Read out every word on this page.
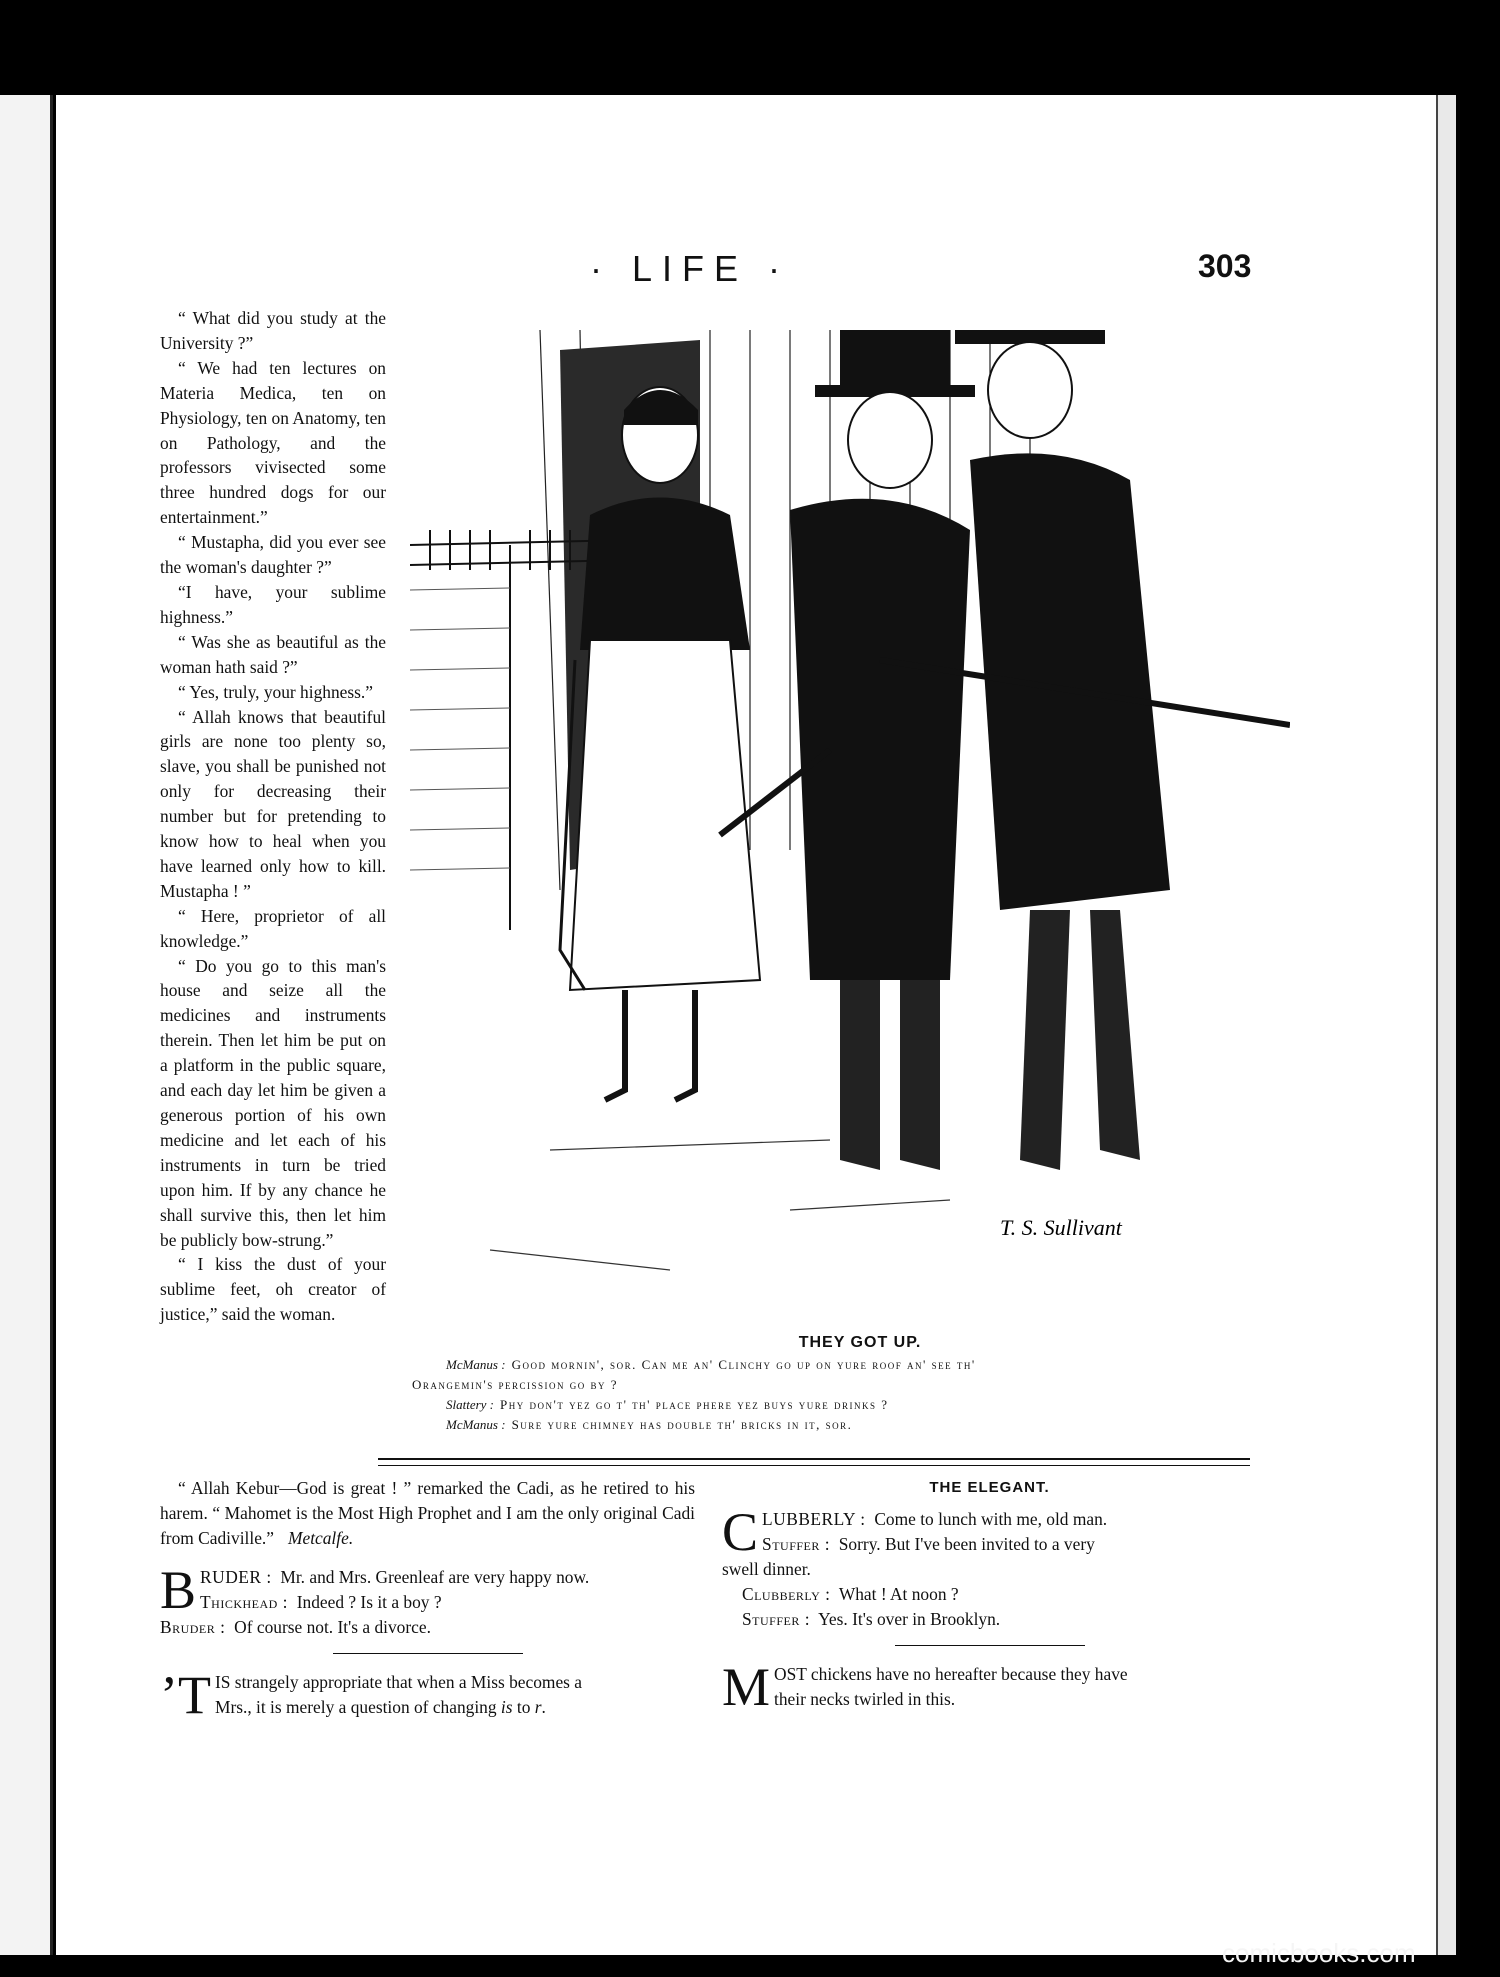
· LIFE ·	303

“ What did you study at the University ?”

“ We had ten lectures on Materia Medica, ten on Physiology, ten on Anatomy, ten on Pathology, and the professors vivisected some three hundred dogs for our entertainment.”

“ Mustapha, did you ever see the woman's daughter ?”

“I have, your sublime highness.”

“ Was she as beautiful as the woman hath said ?”

“ Yes, truly, your highness.”

“ Allah knows that beautiful girls are none too plenty so, slave, you shall be punished not only for decreasing their number but for pretending to know how to heal when you have learned only how to kill. Mustapha ! ”

“ Here, proprietor of all knowledge.”

“ Do you go to this man's house and seize all the medicines and instruments therein. Then let him be put on a platform in the public square, and each day let him be given a generous portion of his own medicine and let each of his instruments in turn be tried upon him. If by any chance he shall survive this, then let him be publicly bow-strung.”

“ I kiss the dust of your sublime feet, oh creator of justice,” said the woman.

T. S. Sullivant
THEY GOT UP.

McManus : Good mornin', sor. Can me an' Clinchy go up on yure roof an' see th'

Orangemin's percission go by ?

Slattery : Phy don't yez go t' th' place phere yez buys yure drinks ?

McManus : Sure yure chimney has double th' bricks in it, sor.

“ Allah Kebur—God is great ! ” remarked the Cadi, as he retired to his harem. “ Mahomet is the Most High Prophet and I am the only original Cadi from Cadiville.” Metcalfe.

B RUDER : Mr. and Mrs. Greenleaf are very happy now.

Thickhead : Indeed ? Is it a boy ?

Bruder : Of course not. It's a divorce.

’T IS strangely appropriate that when a Miss becomes a

Mrs., it is merely a question of changing is to r.

THE ELEGANT.

C LUBBERLY : Come to lunch with me, old man.

Stuffer : Sorry. But I've been invited to a very

swell dinner.

Clubberly : What ! At noon ?

Stuffer : Yes. It's over in Brooklyn.

M OST chickens have no hereafter because they have

their necks twirled in this.

comicbooks.com
